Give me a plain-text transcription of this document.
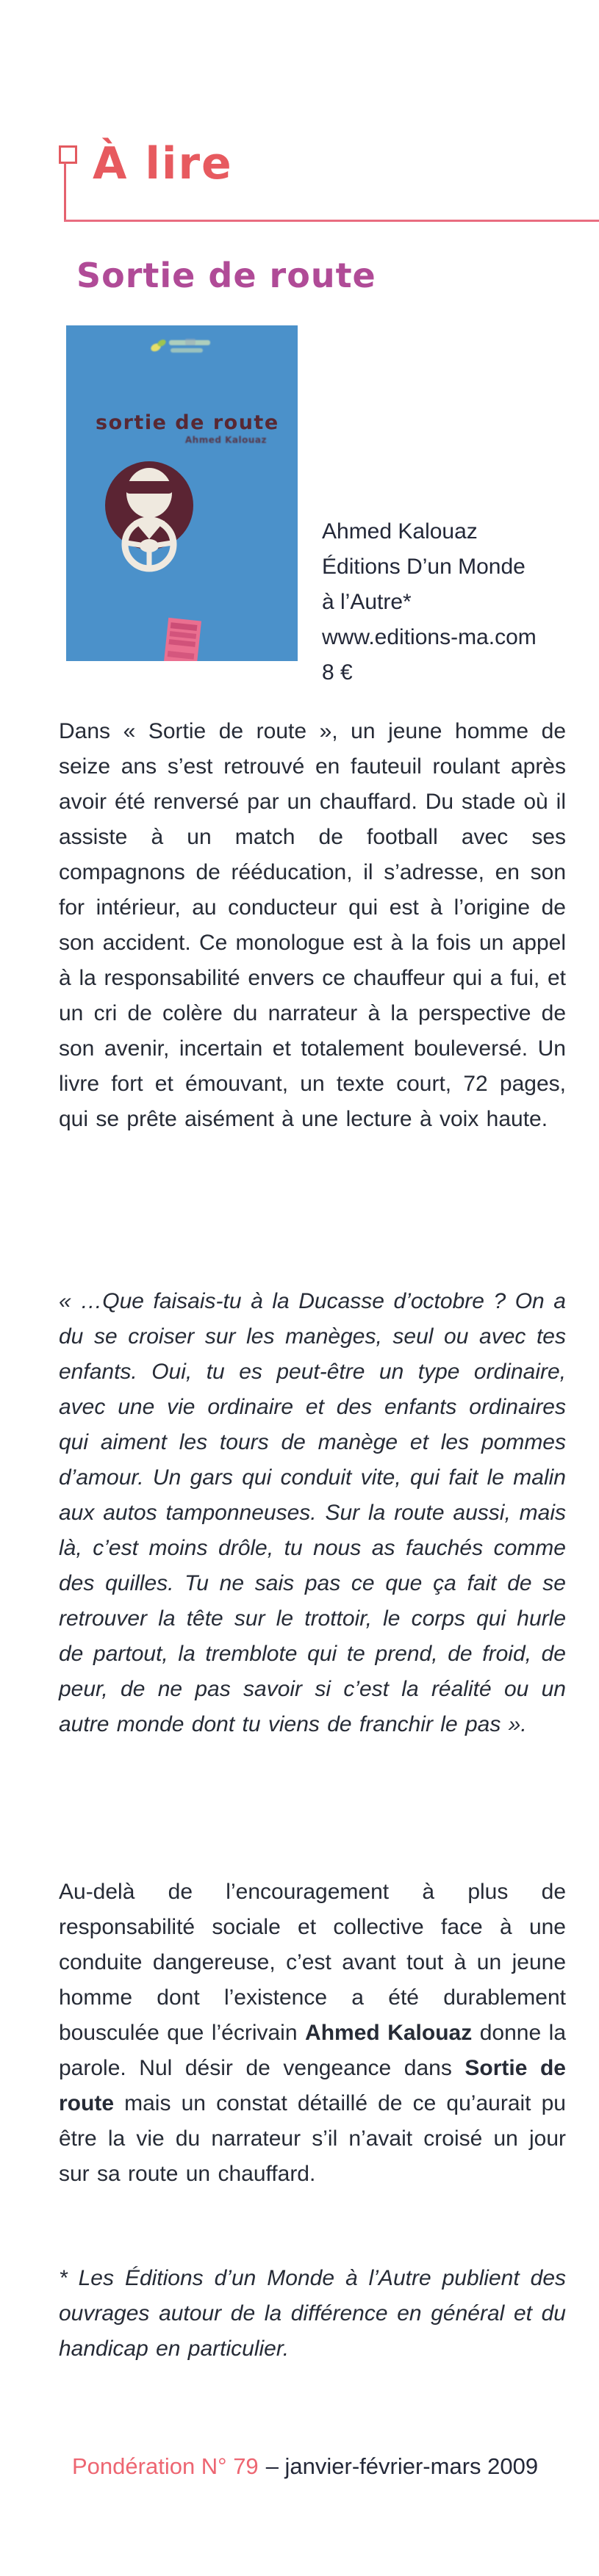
À lire
Sortie de route
sortie de route
Ahmed Kalouaz
Ahmed Kalouaz
Éditions D’un Monde
à l’Autre*
www.editions-ma.com
8 €

Dans « Sortie de route », un jeune homme de seize ans s’est retrouvé en fauteuil roulant après avoir été renversé par un chauffard. Du stade où il assiste à un match de football avec ses compagnons de rééducation, il s’adresse, en son for intérieur, au conducteur qui est à l’origine de son accident. Ce monologue est à la fois un appel à la responsabilité envers ce chauffeur qui a fui, et un cri de colère du narrateur à la perspective de son avenir, incertain et totalement bouleversé. Un livre fort et émouvant, un texte court, 72 pages, qui se prête aisément à une lecture à voix haute.

« …Que faisais-tu à la Ducasse d’octobre ? On a du se croiser sur les manèges, seul ou avec tes enfants. Oui, tu es peut-être un type ordinaire, avec une vie ordinaire et des enfants ordinaires qui aiment les tours de manège et les pommes d’amour. Un gars qui conduit vite, qui fait le malin aux autos tamponneuses. Sur la route aussi, mais là, c’est moins drôle, tu nous as fauchés comme des quilles. Tu ne sais pas ce que ça fait de se retrouver la tête sur le trottoir, le corps qui hurle de partout, la tremblote qui te prend, de froid, de peur, de ne pas savoir si c’est la réalité ou un autre monde dont tu viens de franchir le pas ».

Au-delà de l’encouragement à plus de responsabilité sociale et collective face à une conduite dangereuse, c’est avant tout à un jeune homme dont l’existence a été durablement bousculée que l’écrivain Ahmed Kalouaz donne la parole. Nul désir de vengeance dans Sortie de route mais un constat détaillé de ce qu’aurait pu être la vie du narrateur s’il n’avait croisé un jour sur sa route un chauffard.

* Les Éditions d’un Monde à l’Autre publient des ouvrages autour de la différence en général et du handicap en particulier.

Pondération N° 79 – janvier-février-mars 2009
